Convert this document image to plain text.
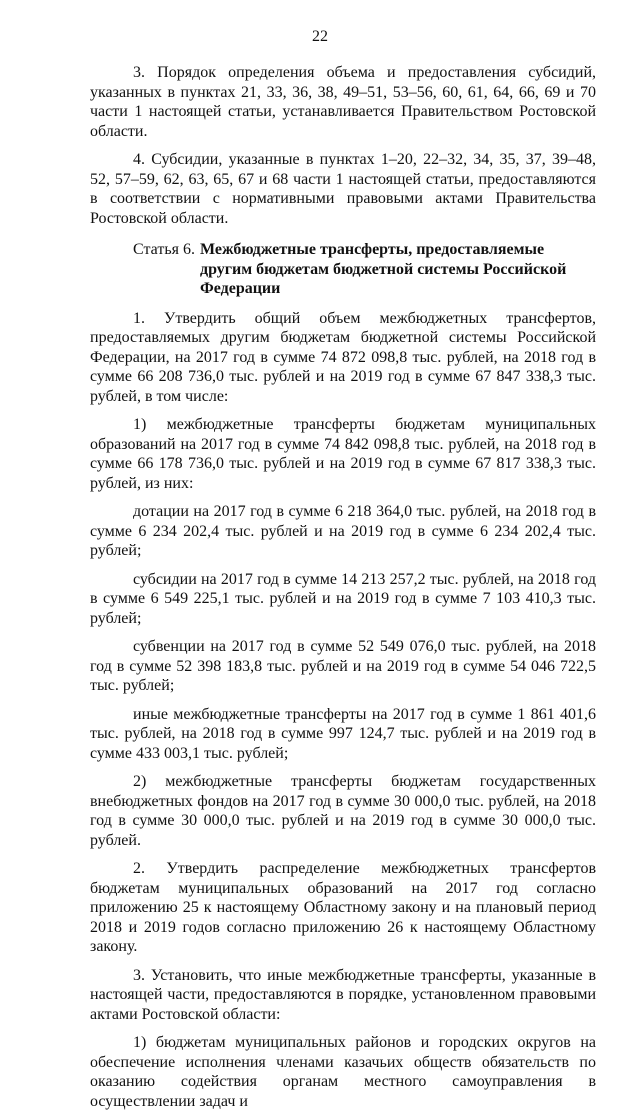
22

3. Порядок определения объема и предоставления субсидий, указанных в пунктах 21, 33, 36, 38, 49–51, 53–56, 60, 61, 64, 66, 69 и 70 части 1 настоящей статьи, устанавливается Правительством Ростовской области.

4. Субсидии, указанные в пунктах 1–20, 22–32, 34, 35, 37, 39–48, 52, 57–59, 62, 63, 65, 67 и 68 части 1 настоящей статьи, предоставляются в соответствии с нормативными правовыми актами Правительства Ростовской области.

Статья 6. Межбюджетные трансферты, предоставляемые другим бюджетам бюджетной системы Российской Федерации

1. Утвердить общий объем межбюджетных трансфертов, предоставляемых другим бюджетам бюджетной системы Российской Федерации, на 2017 год в сумме 74 872 098,8 тыс. рублей, на 2018 год в сумме 66 208 736,0 тыс. рублей и на 2019 год в сумме 67 847 338,3 тыс. рублей, в том числе:

1) межбюджетные трансферты бюджетам муниципальных образований на 2017 год в сумме 74 842 098,8 тыс. рублей, на 2018 год в сумме 66 178 736,0 тыс. рублей и на 2019 год в сумме 67 817 338,3 тыс. рублей, из них:

дотации на 2017 год в сумме 6 218 364,0 тыс. рублей, на 2018 год в сумме 6 234 202,4 тыс. рублей и на 2019 год в сумме 6 234 202,4 тыс. рублей;

субсидии на 2017 год в сумме 14 213 257,2 тыс. рублей, на 2018 год в сумме 6 549 225,1 тыс. рублей и на 2019 год в сумме 7 103 410,3 тыс. рублей;

субвенции на 2017 год в сумме 52 549 076,0 тыс. рублей, на 2018 год в сумме 52 398 183,8 тыс. рублей и на 2019 год в сумме 54 046 722,5 тыс. рублей;

иные межбюджетные трансферты на 2017 год в сумме 1 861 401,6 тыс. рублей, на 2018 год в сумме 997 124,7 тыс. рублей и на 2019 год в сумме 433 003,1 тыс. рублей;

2) межбюджетные трансферты бюджетам государственных внебюджетных фондов на 2017 год в сумме 30 000,0 тыс. рублей, на 2018 год в сумме 30 000,0 тыс. рублей и на 2019 год в сумме 30 000,0 тыс. рублей.

2. Утвердить распределение межбюджетных трансфертов бюджетам муниципальных образований на 2017 год согласно приложению 25 к настоящему Областному закону и на плановый период 2018 и 2019 годов согласно приложению 26 к настоящему Областному закону.

3. Установить, что иные межбюджетные трансферты, указанные в настоящей части, предоставляются в порядке, установленном правовыми актами Ростовской области:

1) бюджетам муниципальных районов и городских округов на обеспечение исполнения членами казачьих обществ обязательств по оказанию содействия органам местного самоуправления в осуществлении задач и
